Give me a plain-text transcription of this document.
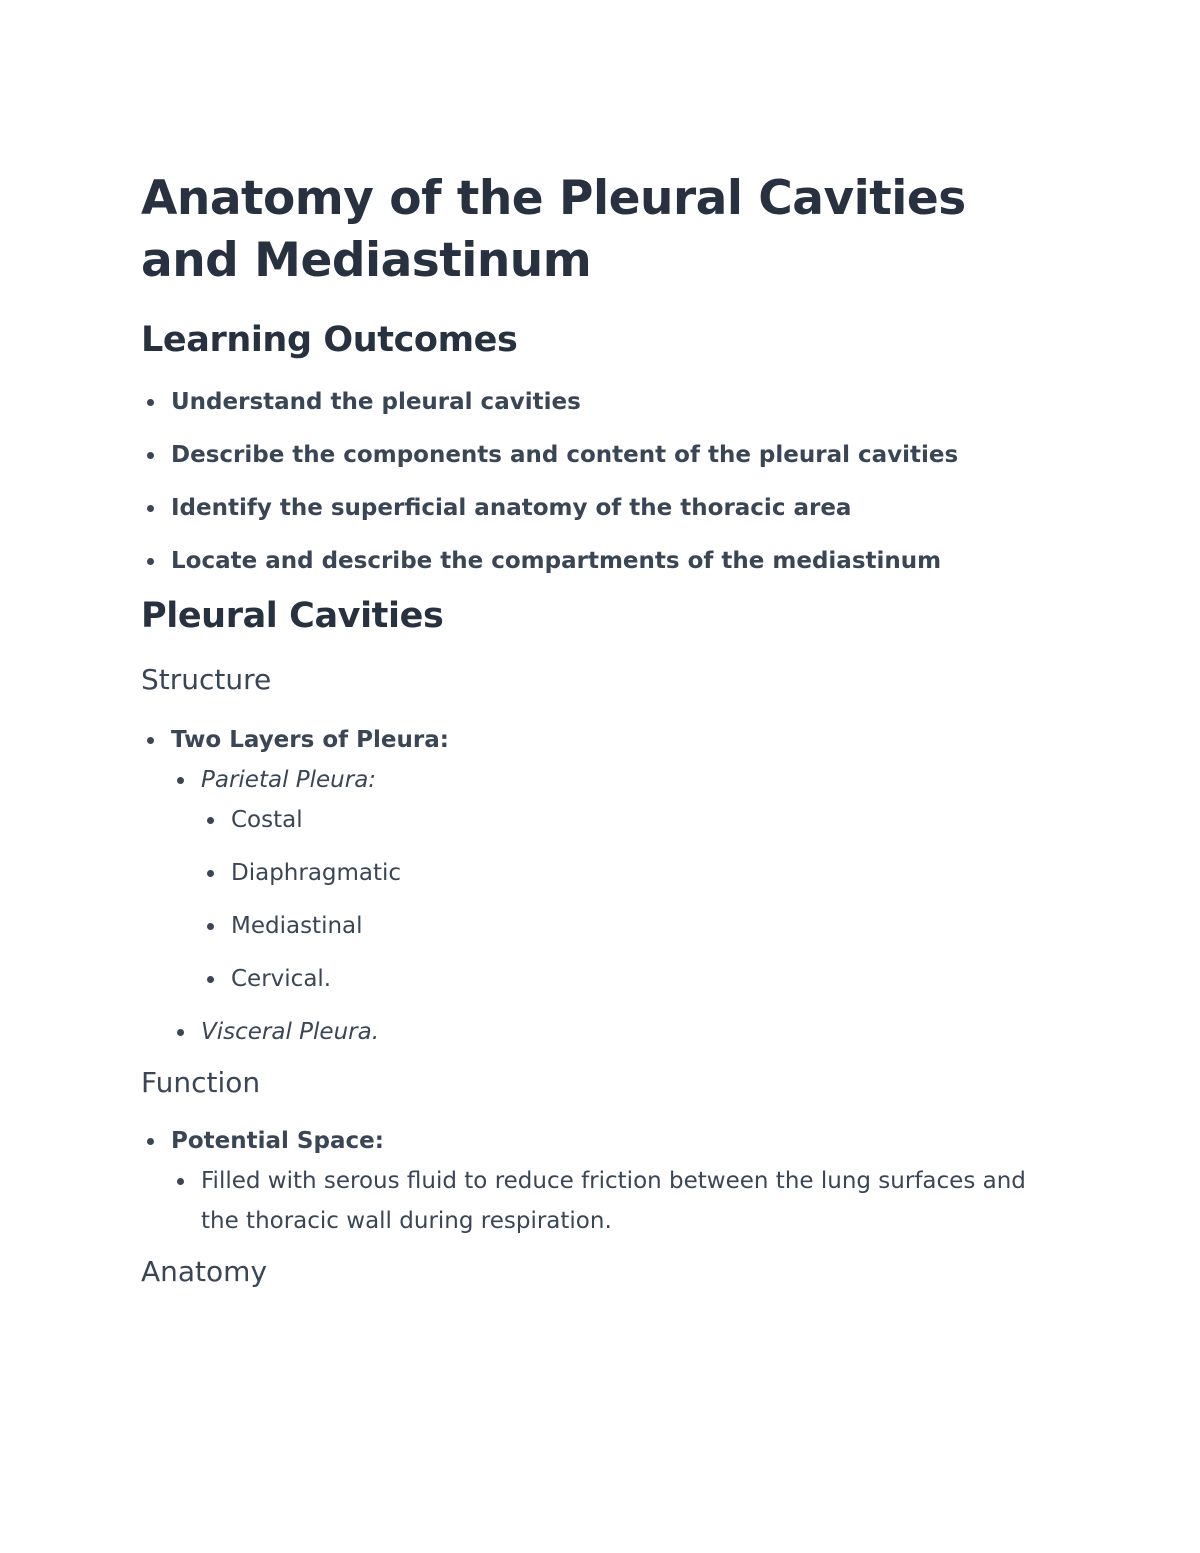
Anatomy of the Pleural Cavities and Mediastinum
Learning Outcomes
Understand the pleural cavities
Describe the components and content of the pleural cavities
Identify the superficial anatomy of the thoracic area
Locate and describe the compartments of the mediastinum
Pleural Cavities
Structure
Two Layers of Pleura:
Parietal Pleura:
Costal
Diaphragmatic
Mediastinal
Cervical.
Visceral Pleura.
Function
Potential Space:
Filled with serous fluid to reduce friction between the lung surfaces and the thoracic wall during respiration.
Anatomy
